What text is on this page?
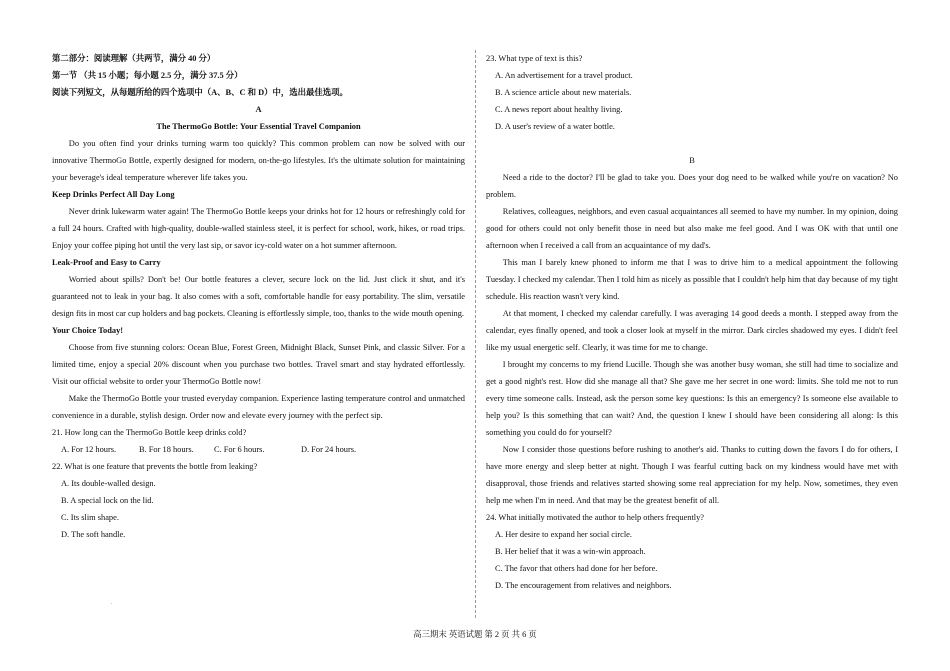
第二部分：阅读理解（共两节，满分 40 分）
第一节 （共 15 小题；每小题 2.5 分，满分 37.5 分）
阅读下列短文，从每题所给的四个选项中（A、B、C 和 D）中，选出最佳选项。
A
The ThermoGo Bottle: Your Essential Travel Companion

Do you often find your drinks turning warm too quickly? This common problem can now be solved with our innovative ThermoGo Bottle, expertly designed for modern, on-the-go lifestyles. It's the ultimate solution for maintaining your beverage's ideal temperature wherever life takes you.

Keep Drinks Perfect All Day Long

Never drink lukewarm water again! The ThermoGo Bottle keeps your drinks hot for 12 hours or refreshingly cold for a full 24 hours. Crafted with high-quality, double-walled stainless steel, it is perfect for school, work, hikes, or road trips. Enjoy your coffee piping hot until the very last sip, or savor icy-cold water on a hot summer afternoon.

Leak-Proof and Easy to Carry

Worried about spills? Don't be! Our bottle features a clever, secure lock on the lid. Just click it shut, and it's guaranteed not to leak in your bag. It also comes with a soft, comfortable handle for easy portability. The slim, versatile design fits in most car cup holders and bag pockets. Cleaning is effortlessly simple, too, thanks to the wide mouth opening.

Your Choice Today!

Choose from five stunning colors: Ocean Blue, Forest Green, Midnight Black, Sunset Pink, and classic Silver. For a limited time, enjoy a special 20% discount when you purchase two bottles. Travel smart and stay hydrated effortlessly. Visit our official website to order your ThermoGo Bottle now!

Make the ThermoGo Bottle your trusted everyday companion. Experience lasting temperature control and unmatched convenience in a durable, stylish design. Order now and elevate every journey with the perfect sip.

21. How long can the ThermoGo Bottle keep drinks cold?
A. For 12 hours.	B. For 18 hours. C. For 6 hours.	D. For 24 hours.
22. What is one feature that prevents the bottle from leaking?
A. Its double-walled design.
B. A special lock on the lid.
C. Its slim shape.
D. The soft handle.
23. What type of text is this?
A. An advertisement for a travel product.
B. A science article about new materials.
C. A news report about healthy living.
D. A user's review of a water bottle.
B

Need a ride to the doctor? I'll be glad to take you. Does your dog need to be walked while you're on vacation? No problem.

Relatives, colleagues, neighbors, and even casual acquaintances all seemed to have my number. In my opinion, doing good for others could not only benefit those in need but also make me feel good. And I was OK with that until one afternoon when I received a call from an acquaintance of my dad's.

This man I barely knew phoned to inform me that I was to drive him to a medical appointment the following Tuesday. I checked my calendar. Then I told him as nicely as possible that I couldn't help him that day because of my tight schedule. His reaction wasn't very kind.

At that moment, I checked my calendar carefully. I was averaging 14 good deeds a month. I stepped away from the calendar, eyes finally opened, and took a closer look at myself in the mirror. Dark circles shadowed my eyes. I didn't feel like my usual energetic self. Clearly, it was time for me to change.

I brought my concerns to my friend Lucille. Though she was another busy woman, she still had time to socialize and get a good night's rest. How did she manage all that? She gave me her secret in one word: limits. She told me not to run every time someone calls. Instead, ask the person some key questions: Is this an emergency? Is someone else available to help you? Is this something that can wait? And, the question I knew I should have been considering all along: Is this something you could do for yourself?

Now I consider those questions before rushing to another's aid. Thanks to cutting down the favors I do for others, I have more energy and sleep better at night. Though I was fearful cutting back on my kindness would have met with disapproval, those friends and relatives started showing some real appreciation for my help. Now, sometimes, they even help me when I'm in need. And that may be the greatest benefit of all.

24. What initially motivated the author to help others frequently?
A. Her desire to expand her social circle.
B. Her belief that it was a win-win approach.
C. The favor that others had done for her before.
D. The encouragement from relatives and neighbors.
.
高三期末 英语试题 第 2 页 共 6 页
